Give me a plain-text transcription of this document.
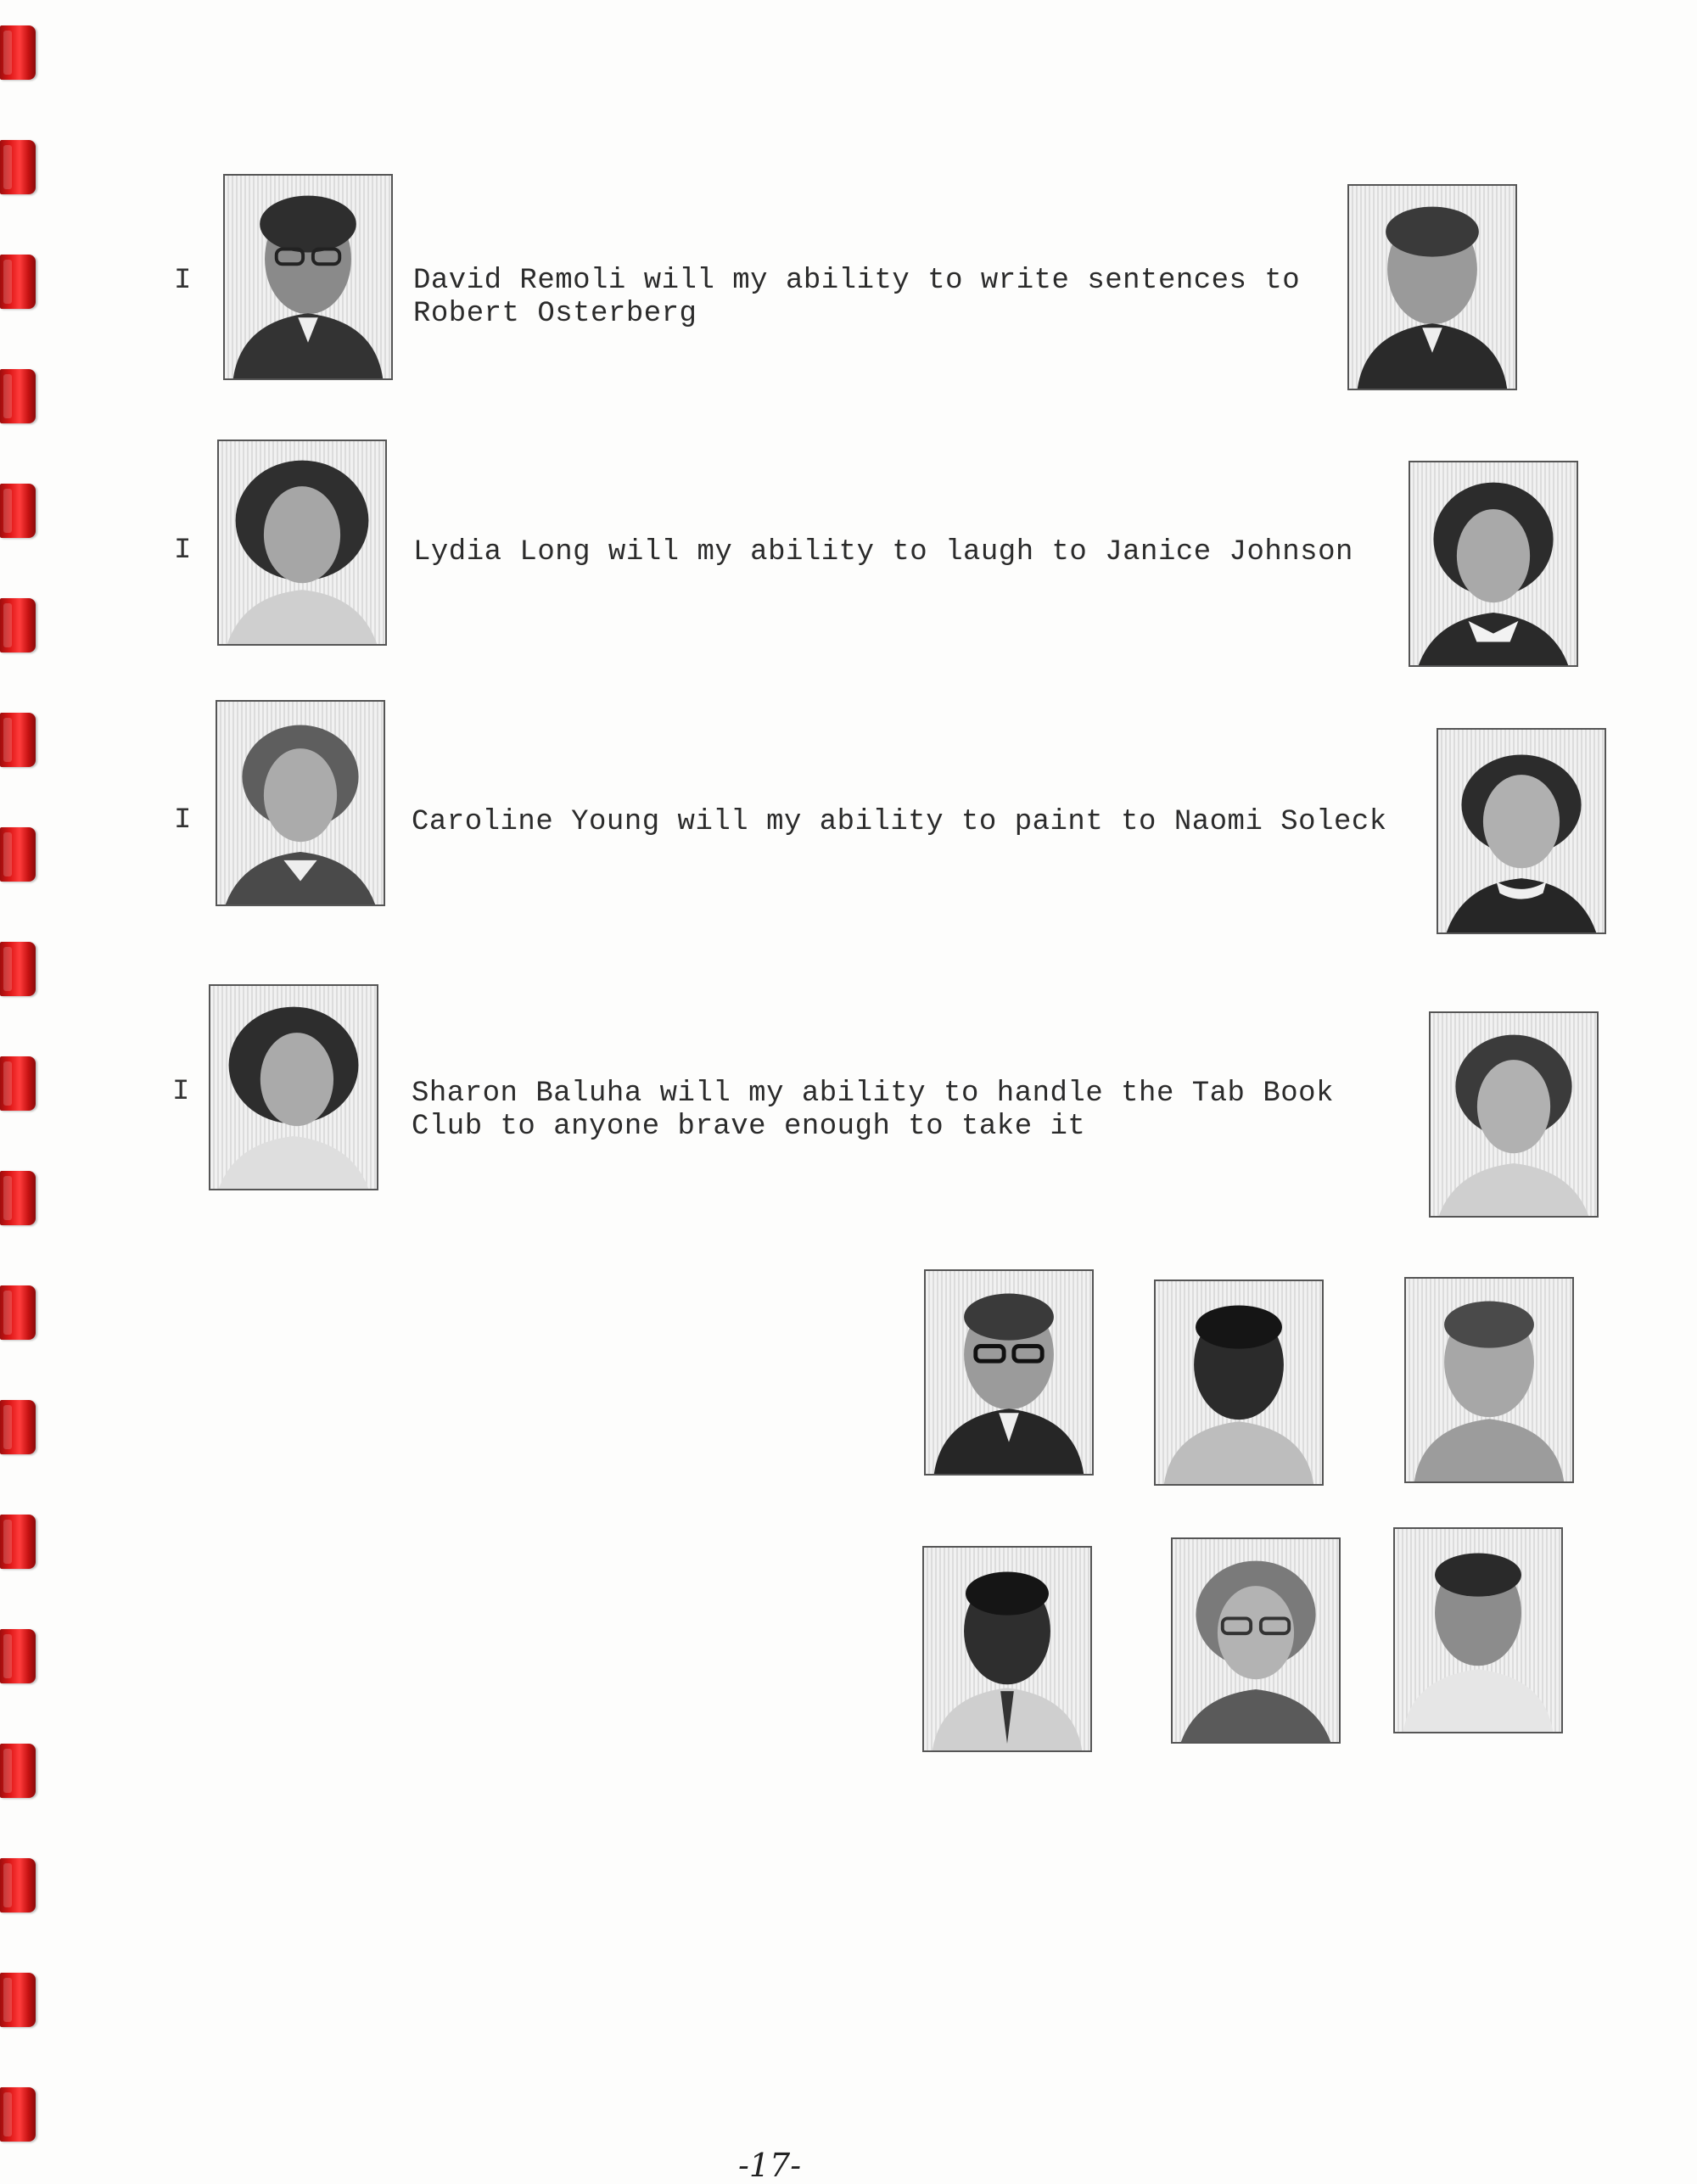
I	David Remoli will my ability to write sentences to
Robert Osterberg
I	Lydia Long will my ability to laugh to Janice Johnson
I	Caroline Young will my ability to paint to Naomi Soleck
I	Sharon Baluha will my ability to handle the Tab Book
Club to anyone brave enough to take it
-17-
